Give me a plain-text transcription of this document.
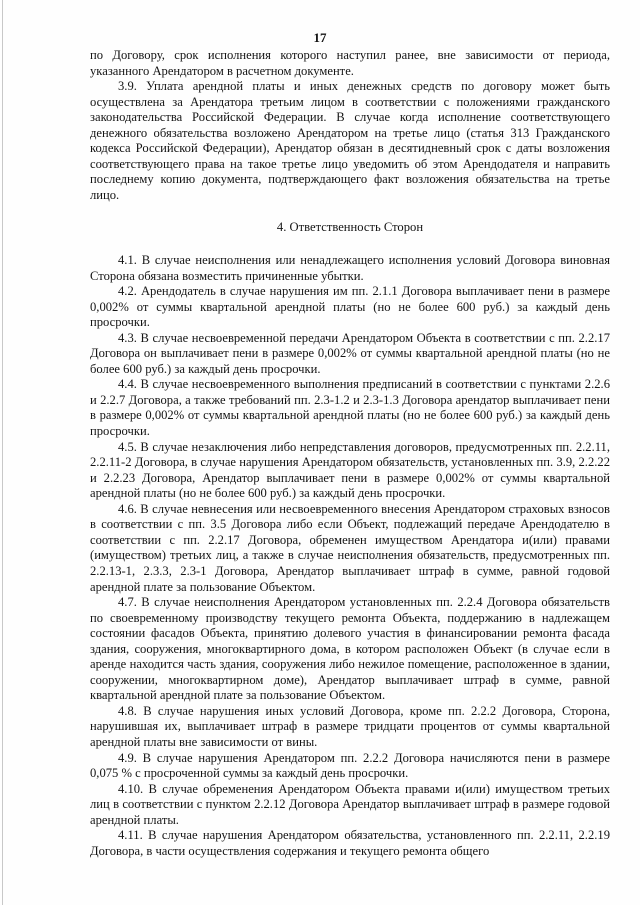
17

по Договору, срок исполнения которого наступил ранее, вне зависимости от периода, указанного Арендатором в расчетном документе.

3.9. Уплата арендной платы и иных денежных средств по договору может быть осуществлена за Арендатора третьим лицом в соответствии с положениями гражданского законодательства Российской Федерации. В случае когда исполнение соответствующего денежного обязательства возложено Арендатором на третье лицо (статья 313 Гражданского кодекса Российской Федерации), Арендатор обязан в десятидневный срок с даты возложения соответствующего права на такое третье лицо уведомить об этом Арендодателя и направить последнему копию документа, подтверждающего факт возложения обязательства на третье лицо.

4. Ответственность Сторон

4.1. В случае неисполнения или ненадлежащего исполнения условий Договора виновная Сторона обязана возместить причиненные убытки.

4.2. Арендодатель в случае нарушения им пп. 2.1.1 Договора выплачивает пени в размере 0,002% от суммы квартальной арендной платы (но не более 600 руб.) за каждый день просрочки.

4.3. В случае несвоевременной передачи Арендатором Объекта в соответствии с пп. 2.2.17 Договора он выплачивает пени в размере 0,002% от суммы квартальной арендной платы (но не более 600 руб.) за каждый день просрочки.

4.4. В случае несвоевременного выполнения предписаний в соответствии с пунктами 2.2.6 и 2.2.7 Договора, а также требований пп. 2.3-1.2 и 2.3-1.3 Договора арендатор выплачивает пени в размере 0,002% от суммы квартальной арендной платы (но не более 600 руб.) за каждый день просрочки.

4.5. В случае незаключения либо непредставления договоров, предусмотренных пп. 2.2.11, 2.2.11-2 Договора, в случае нарушения Арендатором обязательств, установленных пп. 3.9, 2.2.22 и 2.2.23 Договора, Арендатор выплачивает пени в размере 0,002% от суммы квартальной арендной платы (но не более 600 руб.) за каждый день просрочки.

4.6. В случае невнесения или несвоевременного внесения Арендатором страховых взносов в соответствии с пп. 3.5 Договора либо если Объект, подлежащий передаче Арендодателю в соответствии с пп. 2.2.17 Договора, обременен имуществом Арендатора и(или) правами (имуществом) третьих лиц, а также в случае неисполнения обязательств, предусмотренных пп. 2.2.13-1, 2.3.3, 2.3-1 Договора, Арендатор выплачивает штраф в сумме, равной годовой арендной плате за пользование Объектом.

4.7. В случае неисполнения Арендатором установленных пп. 2.2.4 Договора обязательств по своевременному производству текущего ремонта Объекта, поддержанию в надлежащем состоянии фасадов Объекта, принятию долевого участия в финансировании ремонта фасада здания, сооружения, многоквартирного дома, в котором расположен Объект (в случае если в аренде находится часть здания, сооружения либо нежилое помещение, расположенное в здании, сооружении, многоквартирном доме), Арендатор выплачивает штраф в сумме, равной квартальной арендной плате за пользование Объектом.

4.8. В случае нарушения иных условий Договора, кроме пп. 2.2.2 Договора, Сторона, нарушившая их, выплачивает штраф в размере тридцати процентов от суммы квартальной арендной платы вне зависимости от вины.

4.9. В случае нарушения Арендатором пп. 2.2.2 Договора начисляются пени в размере 0,075 % с просроченной суммы за каждый день просрочки.

4.10. В случае обременения Арендатором Объекта правами и(или) имуществом третьих лиц в соответствии с пунктом 2.2.12 Договора Арендатор выплачивает штраф в размере годовой арендной платы.

4.11. В случае нарушения Арендатором обязательства, установленного пп. 2.2.11, 2.2.19 Договора, в части осуществления содержания и текущего ремонта общего
